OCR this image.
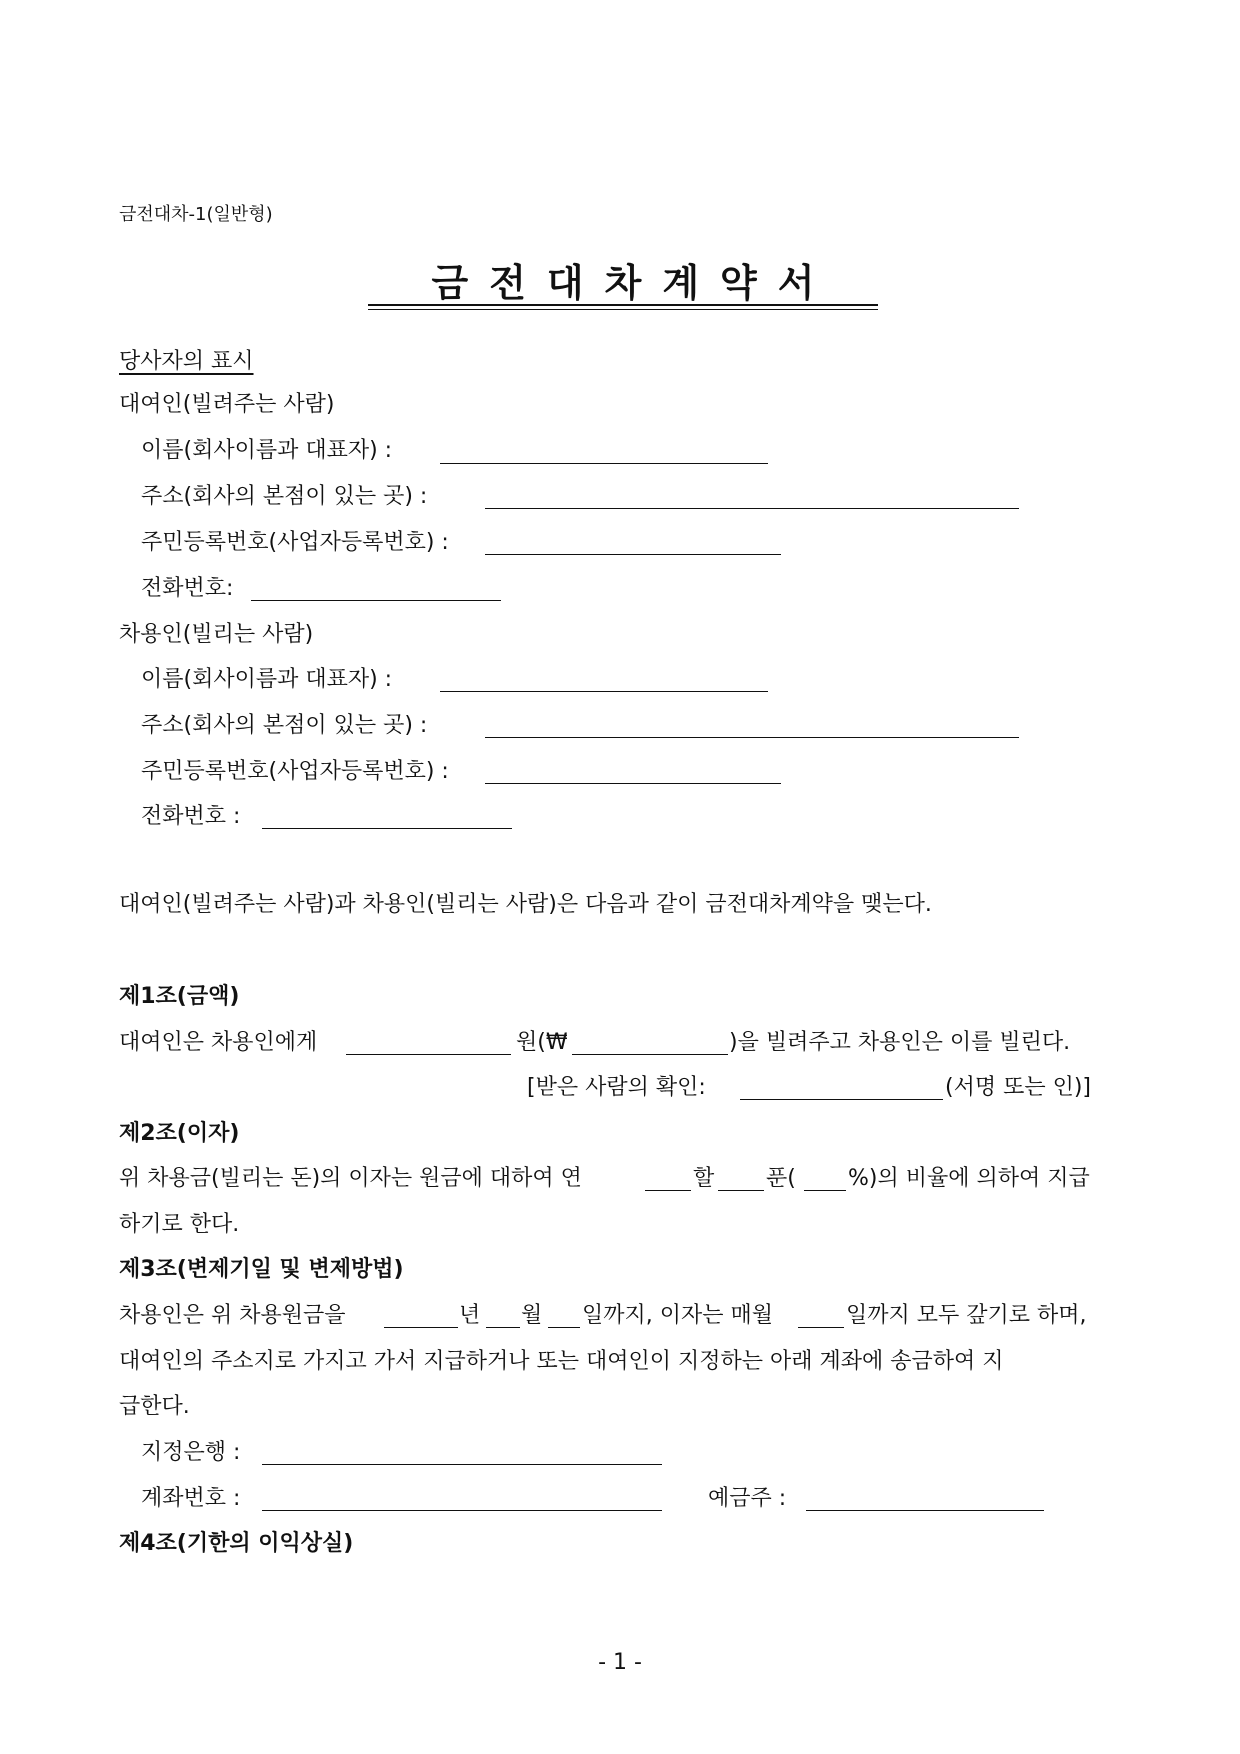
금전대차-1(일반형)
금전대차계약서
당사자의 표시
대여인(빌려주는 사람)
이름(회사이름과 대표자) :
주소(회사의 본점이 있는 곳) :
주민등록번호(사업자등록번호) :
전화번호:
차용인(빌리는 사람)
이름(회사이름과 대표자) :
주소(회사의 본점이 있는 곳) :
주민등록번호(사업자등록번호) :
전화번호 :
대여인(빌려주는 사람)과 차용인(빌리는 사람)은 다음과 같이 금전대차계약을 맺는다.
제1조(금액)
대여인은 차용인에게	원(₩	)을 빌려주고 차용인은 이를 빌린다.
[받은 사람의 확인:	(서명 또는 인)]
제2조(이자)
위 차용금(빌리는 돈)의 이자는 원금에 대하여 연	할 푼( %)의 비율에 의하여 지급
하기로 한다.
제3조(변제기일 및 변제방법)
차용인은 위 차용원금을	년 월 일까지, 이자는 매월	일까지 모두 갚기로 하며,
대여인의 주소지로 가지고 가서 지급하거나 또는 대여인이 지정하는 아래 계좌에 송금하여 지
급한다.
지정은행 :
계좌번호 :	예금주 :
제4조(기한의 이익상실)
- 1 -
